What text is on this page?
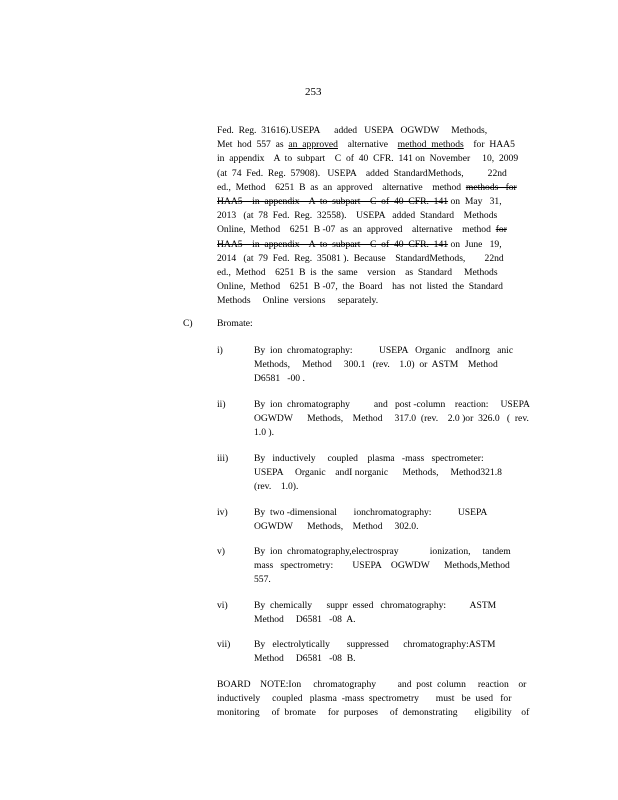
253
Fed.  Reg.  31616).USEPA      added   USEPA   OGWDW     Methods,
Met  hod  557  as  an  approved    alternative    method  methods    for  HAA5
in  appendix    A  to  subpart    C  of  40  CFR.  141 on  November     10,  2009
(at  74  Fed.  Reg.  57908).   USEPA    added  StandardMethods,          22nd
ed.,  Method    6251  B  as  an  approved    alternative    method  methods   for
HAA5    in  appendix    A  to  subpart    C  of  40  CFR.  141 on  May   31,
2013   (at  78  Fed.  Reg.  32558).    USEPA   added  Standard    Methods
Online,  Method    6251  B -07  as  an  approved    alternative    method  for
HAA5    in  appendix    A  to  subpart    C  of  40  CFR.  141 on  June   19,
2014   (at  79  Fed.  Reg.  35081 ).  Because    StandardMethods,        22nd
ed.,  Method    6251  B  is  the  same    version    as  Standard     Methods
Online,  Method    6251  B -07,  the  Board    has  not  listed  the  Standard
Methods     Online  versions     separately.
C)	Bromate:
i)	By  ion  chromatography:           USEPA   Organic    andInorg   anic
Methods,     Method     300.1   (rev.    1.0)  or  ASTM    Method
D6581   -00 .
ii)	By  ion  chromatography          and   post -column    reaction:     USEPA
OGWDW      Methods,    Method     317.0  (rev.    2.0 )or  326.0   (  rev.
1.0 ).
iii)	By   inductively     coupled    plasma   -mass   spectrometer:
USEPA     Organic    andI norganic      Methods,     Method321.8
(rev.    1.0).
iv)	By  two -dimensional       ionchromatography:           USEPA
OGWDW      Methods,    Method     302.0.
v)	By  ion  chromatography,electrospray             ionization,     tandem
mass   spectrometry:        USEPA    OGWDW      Methods,Method
557.
vi)	By  chemically      suppr  essed   chromatography:          ASTM
Method     D6581   -08  A.
vii) By   electrolytically       suppressed      chromatography:ASTM
Method     D6581   -08  B.
BOARD    NOTE:Ion     chromatography         and  post  column     reaction    or
inductively     coupled   plasma  -mass  spectrometry       must   be  used   for
monitoring     of  bromate     for  purposes     of  demonstrating       eligibility    of
